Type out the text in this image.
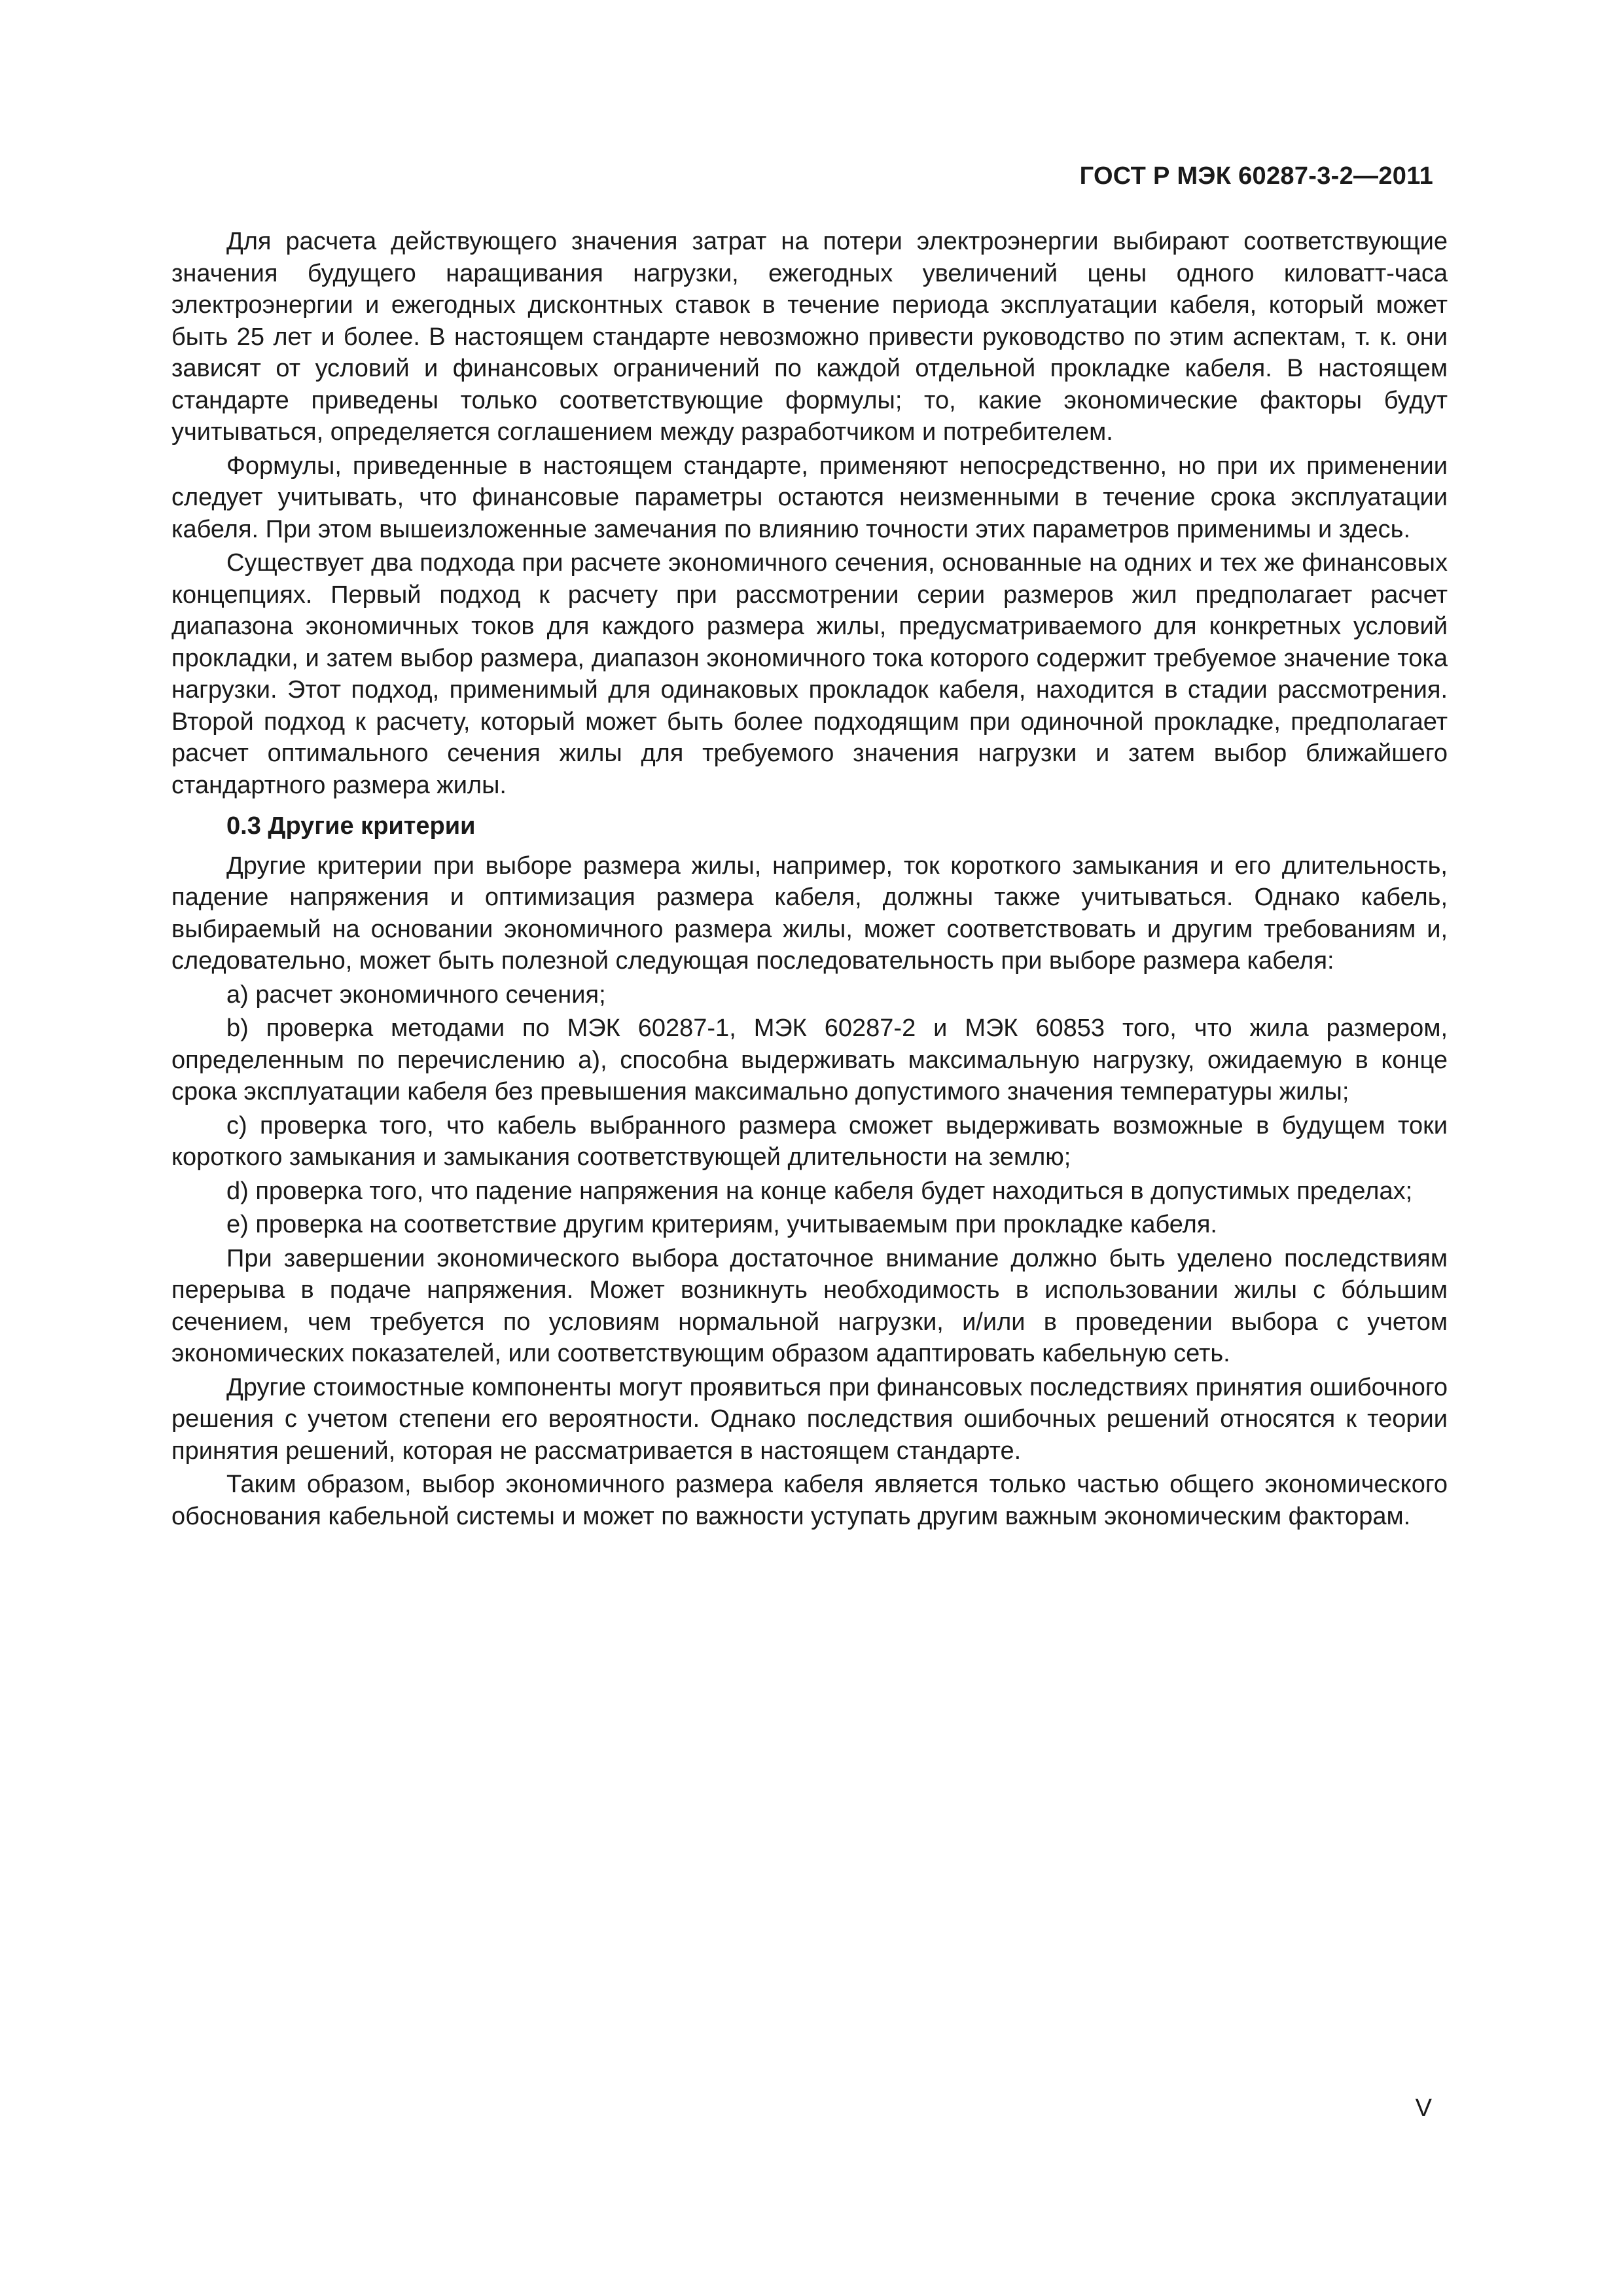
ГОСТ Р МЭК 60287-3-2—2011

Для расчета действующего значения затрат на потери электроэнергии выбирают соответствующие значения будущего наращивания нагрузки, ежегодных увеличений цены одного киловатт-часа электроэнергии и ежегодных дисконтных ставок в течение периода эксплуатации кабеля, который может быть 25 лет и более. В настоящем стандарте невозможно привести руководство по этим аспектам, т. к. они зависят от условий и финансовых ограничений по каждой отдельной прокладке кабеля. В настоящем стандарте приведены только соответствующие формулы; то, какие экономические факторы будут учитываться, определяется соглашением между разработчиком и потребителем.

Формулы, приведенные в настоящем стандарте, применяют непосредственно, но при их применении следует учитывать, что финансовые параметры остаются неизменными в течение срока эксплуатации кабеля. При этом вышеизложенные замечания по влиянию точности этих параметров применимы и здесь.

Существует два подхода при расчете экономичного сечения, основанные на одних и тех же финансовых концепциях. Первый подход к расчету при рассмотрении серии размеров жил предполагает расчет диапазона экономичных токов для каждого размера жилы, предусматриваемого для конкретных условий прокладки, и затем выбор размера, диапазон экономичного тока которого содержит требуемое значение тока нагрузки. Этот подход, применимый для одинаковых прокладок кабеля, находится в стадии рассмотрения. Второй подход к расчету, который может быть более подходящим при одиночной прокладке, предполагает расчет оптимального сечения жилы для требуемого значения нагрузки и затем выбор ближайшего стандартного размера жилы.

0.3 Другие критерии

Другие критерии при выборе размера жилы, например, ток короткого замыкания и его длительность, падение напряжения и оптимизация размера кабеля, должны также учитываться. Однако кабель, выбираемый на основании экономичного размера жилы, может соответствовать и другим требованиям и, следовательно, может быть полезной следующая последовательность при выборе размера кабеля:

a) расчет экономичного сечения;

b) проверка методами по МЭК 60287-1, МЭК 60287-2 и МЭК 60853 того, что жила размером, определенным по перечислению a), способна выдерживать максимальную нагрузку, ожидаемую в конце срока эксплуатации кабеля без превышения максимально допустимого значения температуры жилы;

c) проверка того, что кабель выбранного размера сможет выдерживать возможные в будущем токи короткого замыкания и замыкания соответствующей длительности на землю;

d) проверка того, что падение напряжения на конце кабеля будет находиться в допустимых пределах;

e) проверка на соответствие другим критериям, учитываемым при прокладке кабеля.

При завершении экономического выбора достаточное внимание должно быть уделено последствиям перерыва в подаче напряжения. Может возникнуть необходимость в использовании жилы с бо́льшим сечением, чем требуется по условиям нормальной нагрузки, и/или в проведении выбора с учетом экономических показателей, или соответствующим образом адаптировать кабельную сеть.

Другие стоимостные компоненты могут проявиться при финансовых последствиях принятия ошибочного решения с учетом степени его вероятности. Однако последствия ошибочных решений относятся к теории принятия решений, которая не рассматривается в настоящем стандарте.

Таким образом, выбор экономичного размера кабеля является только частью общего экономического обоснования кабельной системы и может по важности уступать другим важным экономическим факторам.

V
